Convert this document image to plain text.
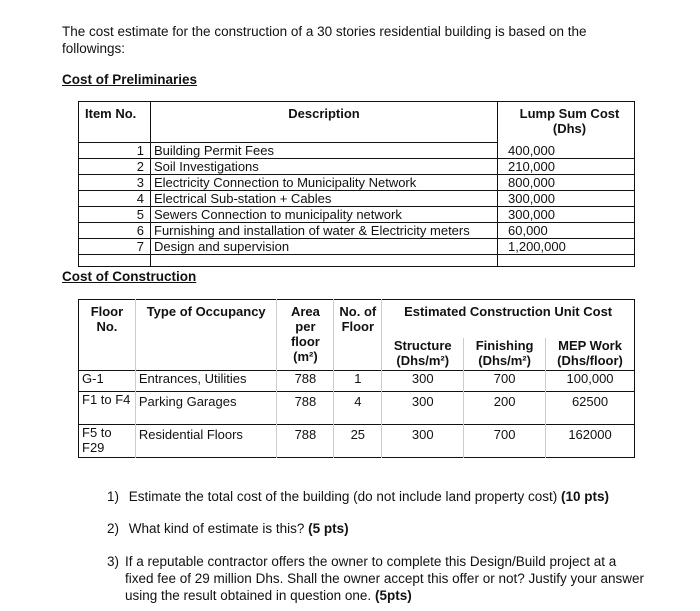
The cost estimate for the construction of a 30 stories residential building is based on the followings:
Cost of Preliminaries
Item No.	Description	Lump Sum Cost
(Dhs)

1	Building Permit Fees	400,000
2	Soil Investigations	210,000
3	Electricity Connection to Municipality Network	800,000
4	Electrical Sub-station + Cables	300,000
5	Sewers Connection to municipality network	300,000
6	Furnishing and installation of water & Electricity meters	60,000
7	Design and supervision	1,200,000

Cost of Construction
Floor No.	Type of Occupancy	Area per floor (m²)	No. of Floor	Estimated Construction Unit Cost		
				Structure (Dhs/m²)	Finishing (Dhs/m²)	MEP Work (Dhs/floor)
G-1	Entrances, Utilities	788	1	300	700	100,000
F1 to F4	Parking Garages	788	4	300	200	62500
F5 to F29	Residential Floors	788	25	300	700	162000
1) Estimate the total cost of the building (do not include land property cost) (10 pts)
2) What kind of estimate is this? (5 pts)
3) If a reputable contractor offers the owner to complete this Design/Build project at a fixed fee of 29 million Dhs. Shall the owner accept this offer or not? Justify your answer using the result obtained in question one. (5pts)
